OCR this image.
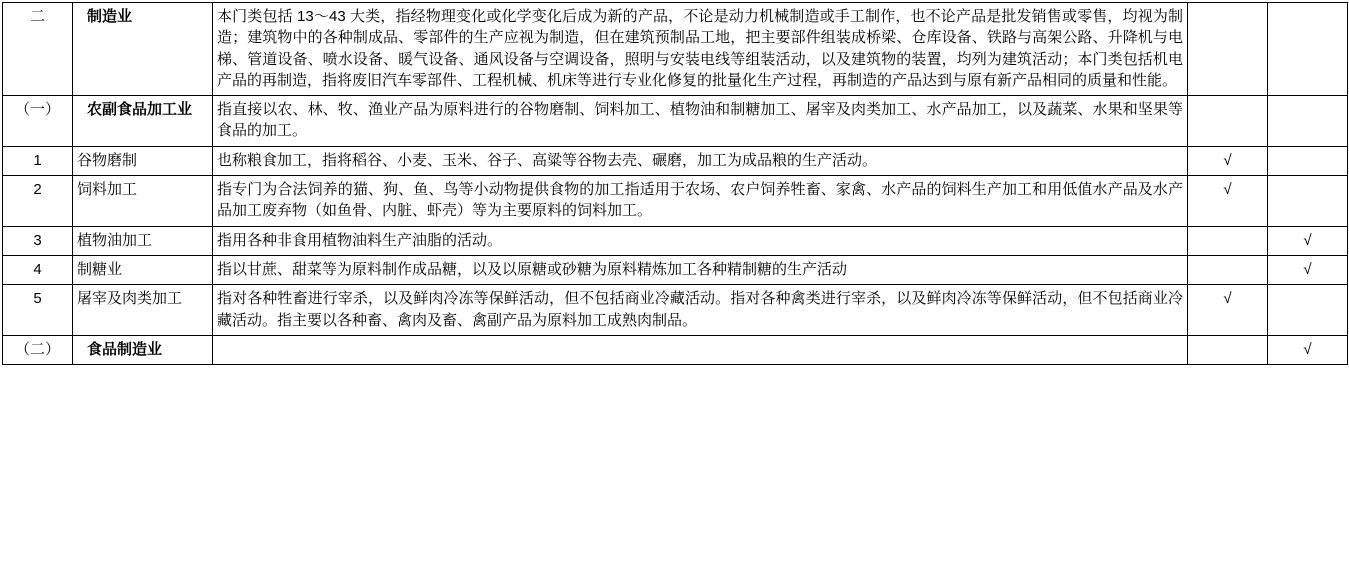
二	制造业	本门类包括 13～43 大类，指经物理变化或化学变化后成为新的产品，不论是动力机械制造或手工制作，也不论产品是批发销售或零售，均视为制造；建筑物中的各种制成品、零部件的生产应视为制造，但在建筑预制品工地，把主要部件组装成桥梁、仓库设备、铁路与高架公路、升降机与电梯、管道设备、喷水设备、暖气设备、通风设备与空调设备，照明与安装电线等组装活动，以及建筑物的装置，均列为建筑活动；本门类包括机电产品的再制造，指将废旧汽车零部件、工程机械、机床等进行专业化修复的批量化生产过程，再制造的产品达到与原有新产品相同的质量和性能。		
（一）	农副食品加工业	指直接以农、林、牧、渔业产品为原料进行的谷物磨制、饲料加工、植物油和制糖加工、屠宰及肉类加工、水产品加工，以及蔬菜、水果和坚果等食品的加工。		
1	谷物磨制	也称粮食加工，指将稻谷、小麦、玉米、谷子、高粱等谷物去壳、碾磨，加工为成品粮的生产活动。	√	
2	饲料加工	指专门为合法饲养的猫、狗、鱼、鸟等小动物提供食物的加工指适用于农场、农户饲养牲畜、家禽、水产品的饲料生产加工和用低值水产品及水产品加工废弃物（如鱼骨、内脏、虾壳）等为主要原料的饲料加工。	√	
3	植物油加工	指用各种非食用植物油料生产油脂的活动。		√
4	制糖业	指以甘蔗、甜菜等为原料制作成品糖，以及以原糖或砂糖为原料精炼加工各种精制糖的生产活动		√
5	屠宰及肉类加工	指对各种牲畜进行宰杀，以及鲜肉冷冻等保鲜活动，但不包括商业冷藏活动。指对各种禽类进行宰杀，以及鲜肉冷冻等保鲜活动，但不包括商业冷藏活动。指主要以各种畜、禽肉及畜、禽副产品为原料加工成熟肉制品。	√	
（二）	食品制造业			√
